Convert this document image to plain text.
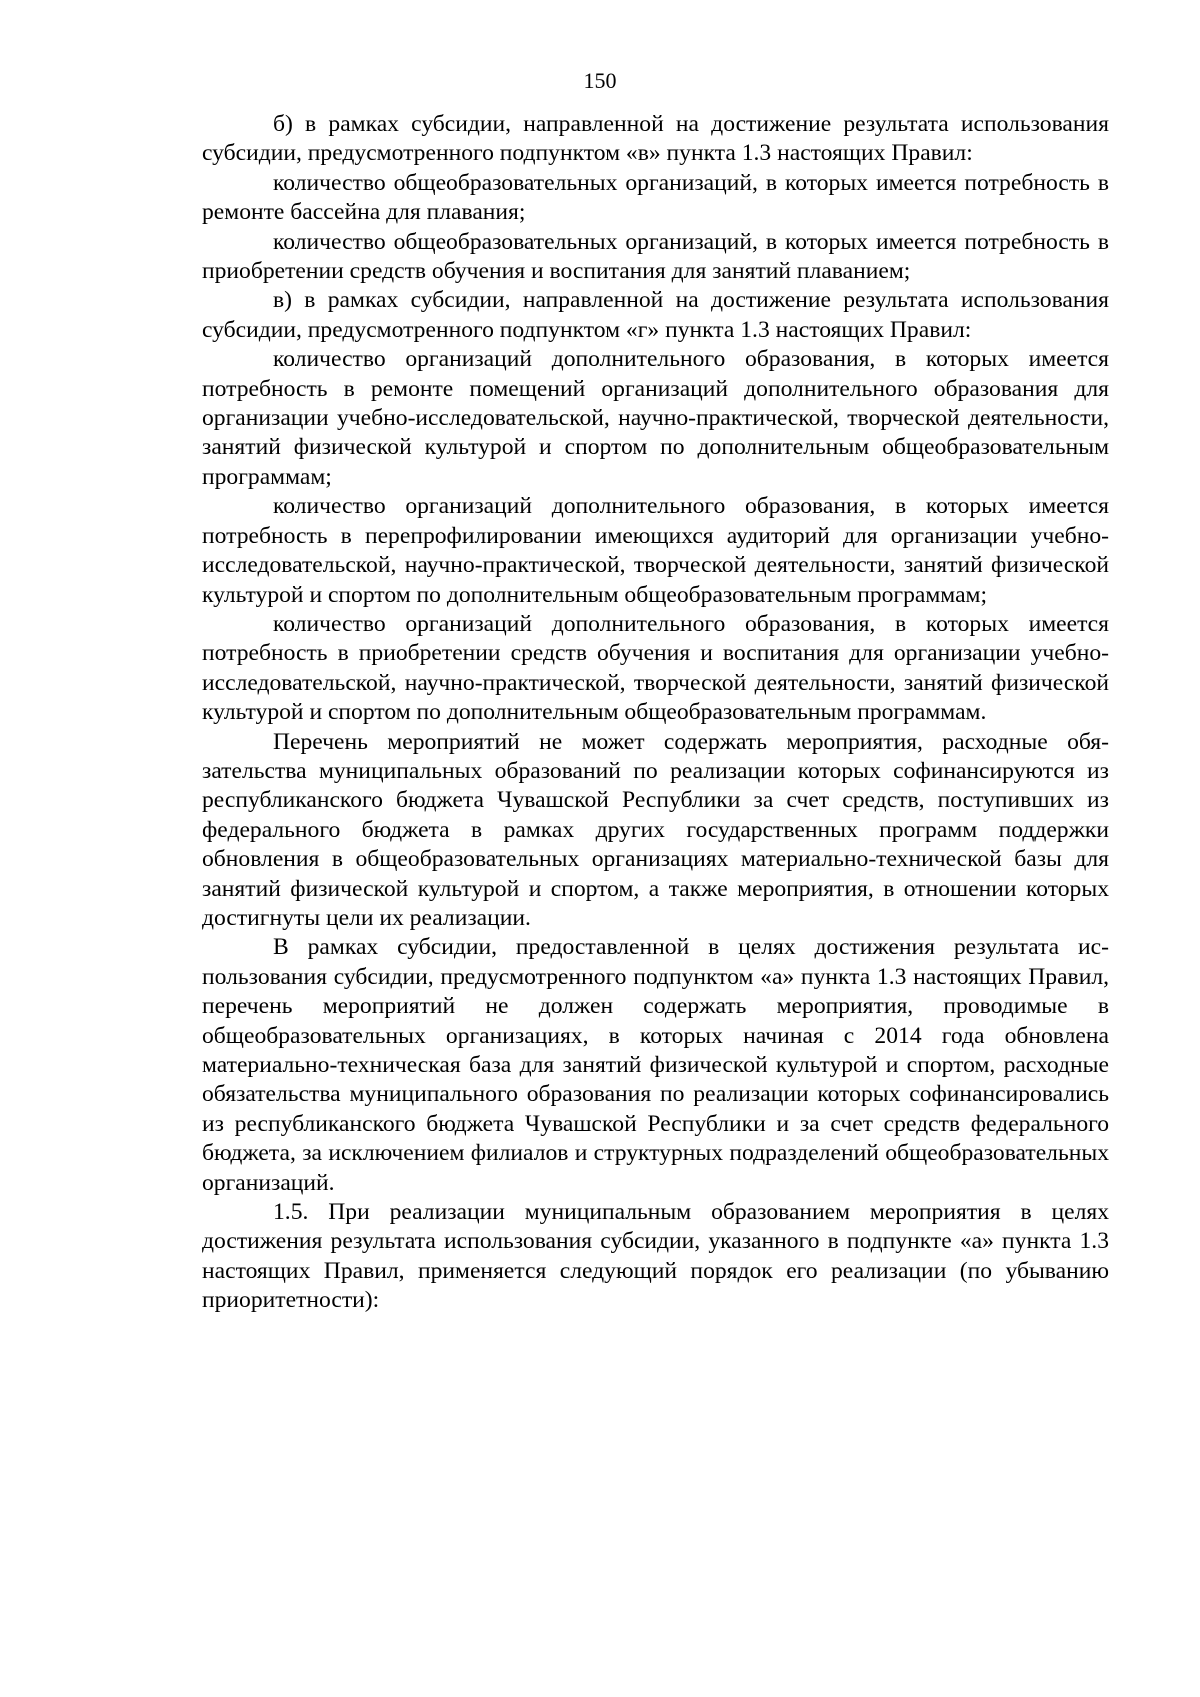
150

б) в рамках субсидии, направленной на достижение результата использования субсидии, предусмотренного подпунктом «в» пункта 1.3 настоящих Правил:

количество общеобразовательных организаций, в которых имеется потребность в ремонте бассейна для плавания;

количество общеобразовательных организаций, в которых имеется потребность в приобретении средств обучения и воспитания для занятий плаванием;

в) в рамках субсидии, направленной на достижение результата использования субсидии, предусмотренного подпунктом «г» пункта 1.3 настоящих Правил:

количество организаций дополнительного образования, в которых имеется потребность в ремонте помещений организаций дополнительного образования для организации учебно-исследовательской, научно-практической, творческой деятельности, занятий физической культурой и спортом по дополнительным общеобразовательным программам;

количество организаций дополнительного образования, в которых имеется потребность в перепрофилировании имеющихся аудиторий для организации учебно-исследовательской, научно-практической, творческой деятельности, занятий физической культурой и спортом по дополнительным общеобразовательным программам;

количество организаций дополнительного образования, в которых имеется потребность в приобретении средств обучения и воспитания для организации учебно-исследовательской, научно-практической, творческой деятельности, занятий физической культурой и спортом по дополнительным общеобразовательным программам.

Перечень мероприятий не может содержать мероприятия, расходные обязательства муниципальных образований по реализации которых софинансируются из республиканского бюджета Чувашской Республики за счет средств, поступивших из федерального бюджета в рамках других государственных программ поддержки обновления в общеобразовательных организациях материально-технической базы для занятий физической культурой и спортом, а также мероприятия, в отношении которых достигнуты цели их реализации.

В рамках субсидии, предоставленной в целях достижения результата использования субсидии, предусмотренного подпунктом «а» пункта 1.3 настоящих Правил, перечень мероприятий не должен содержать мероприятия, проводимые в общеобразовательных организациях, в которых начиная с 2014 года обновлена материально-техническая база для занятий физической культурой и спортом, расходные обязательства муниципального образования по реализации которых софинансировались из республиканского бюджета Чувашской Республики и за счет средств федерального бюджета, за исключением филиалов и структурных подразделений общеобразовательных организаций.

1.5. При реализации муниципальным образованием мероприятия в целях достижения результата использования субсидии, указанного в подпункте «а» пункта 1.3 настоящих Правил, применяется следующий порядок его реализации (по убыванию приоритетности):
